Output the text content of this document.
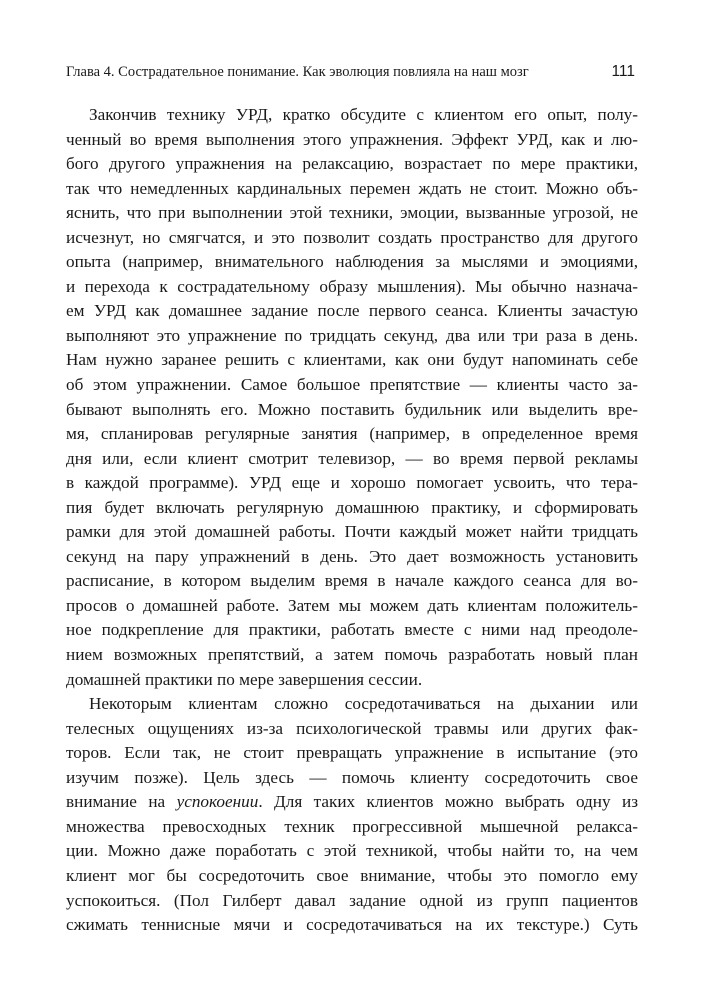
Глава 4. Сострадательное понимание. Как эволюция повлияла на наш мозг	111
Закончив технику УРД, кратко обсудите с клиентом его опыт, полу-
ченный во время выполнения этого упражнения. Эффект УРД, как и лю-
бого другого упражнения на релаксацию, возрастает по мере практики,
так что немедленных кардинальных перемен ждать не стоит. Можно объ-
яснить, что при выполнении этой техники, эмоции, вызванные угрозой, не
исчезнут, но смягчатся, и это позволит создать пространство для другого
опыта (например, внимательного наблюдения за мыслями и эмоциями,
и перехода к сострадательному образу мышления). Мы обычно назнача-
ем УРД как домашнее задание после первого сеанса. Клиенты зачастую
выполняют это упражнение по тридцать секунд, два или три раза в день.
Нам нужно заранее решить с клиентами, как они будут напоминать себе
об этом упражнении. Самое большое препятствие — клиенты часто за-
бывают выполнять его. Можно поставить будильник или выделить вре-
мя, спланировав регулярные занятия (например, в определенное время
дня или, если клиент смотрит телевизор, — во время первой рекламы
в каждой программе). УРД еще и хорошо помогает усвоить, что тера-
пия будет включать регулярную домашнюю практику, и сформировать
рамки для этой домашней работы. Почти каждый может найти тридцать
секунд на пару упражнений в день. Это дает возможность установить
расписание, в котором выделим время в начале каждого сеанса для во-
просов о домашней работе. Затем мы можем дать клиентам положитель-
ное подкрепление для практики, работать вместе с ними над преодоле-
нием возможных препятствий, а затем помочь разработать новый план
домашней практики по мере завершения сессии.
Некоторым клиентам сложно сосредотачиваться на дыхании или
телесных ощущениях из-за психологической травмы или других фак-
торов. Если так, не стоит превращать упражнение в испытание (это
изучим позже). Цель здесь — помочь клиенту сосредоточить свое
внимание на успокоении. Для таких клиентов можно выбрать одну из
множества превосходных техник прогрессивной мышечной релакса-
ции. Можно даже поработать с этой техникой, чтобы найти то, на чем
клиент мог бы сосредоточить свое внимание, чтобы это помогло ему
успокоиться. (Пол Гилберт давал задание одной из групп пациентов
сжимать теннисные мячи и сосредотачиваться на их текстуре.) Суть
